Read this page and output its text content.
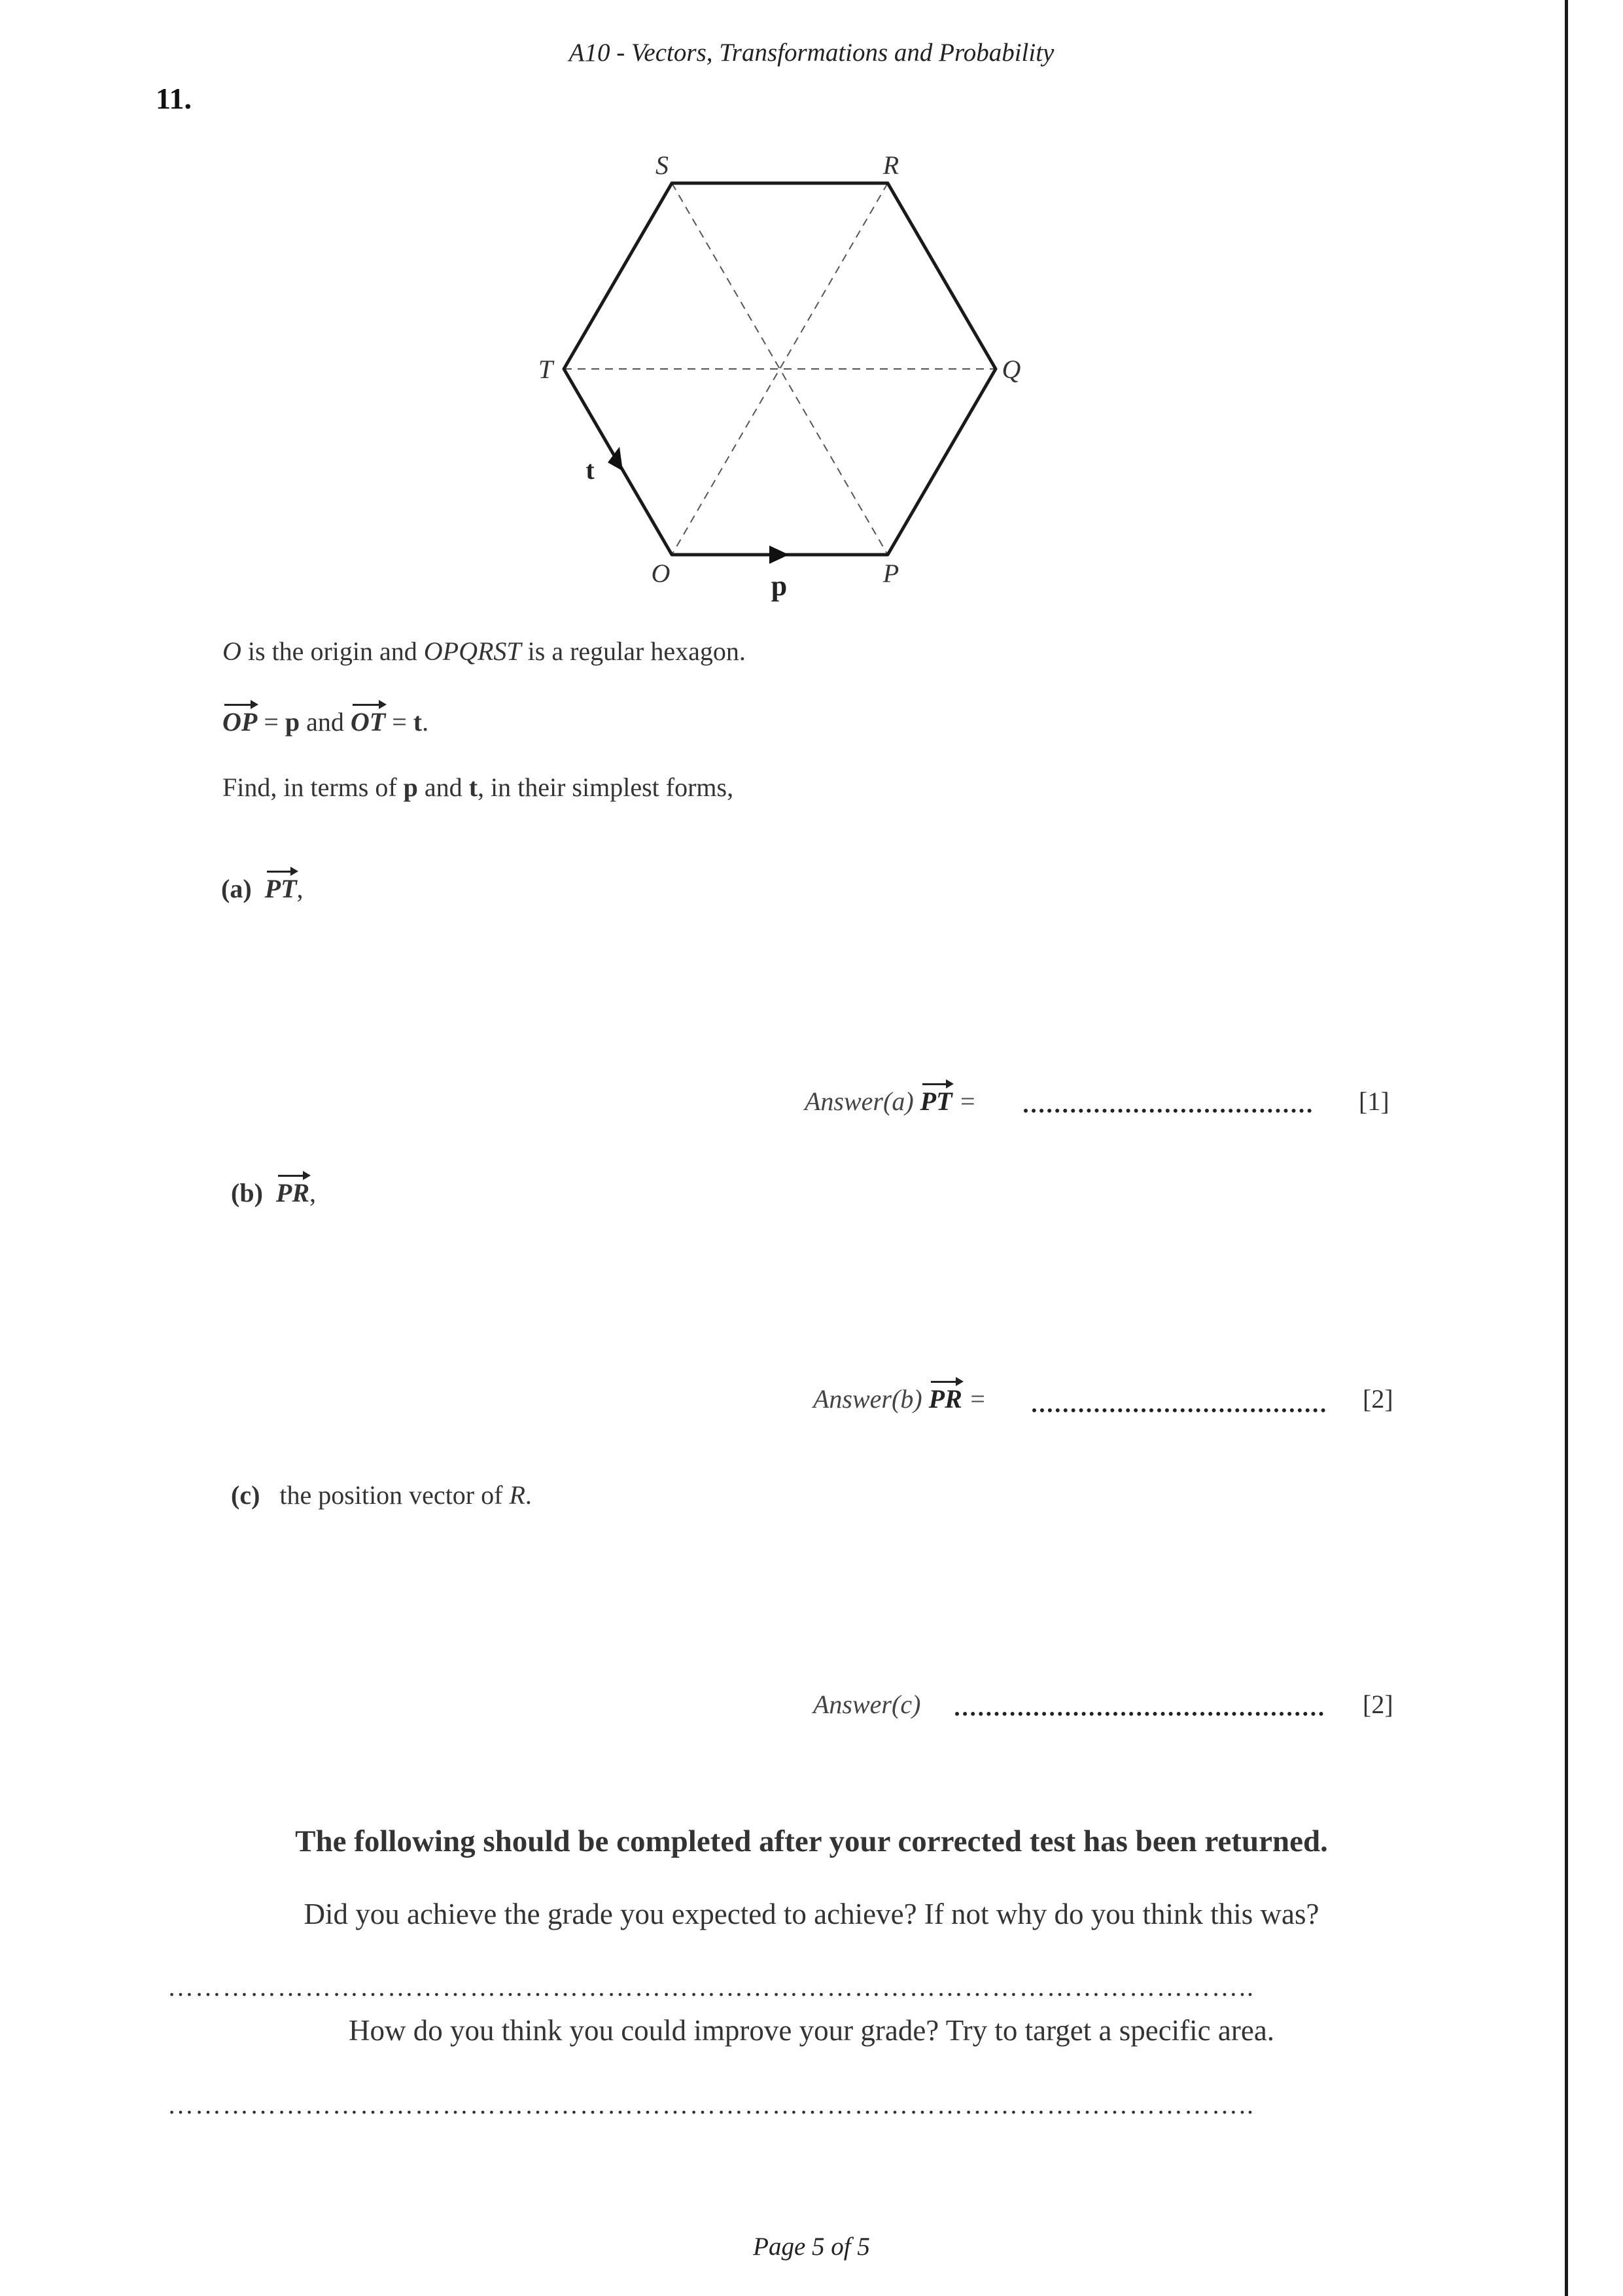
A10 - Vectors, Transformations and Probability
11.
S	R
T	Q
O	P
p
t
O is the origin and OPQRST is a regular hexagon.
OP = p and OT = t.
Find, in terms of p and t, in their simplest forms,
(a) PT,
Answer(a) PT =	[1]
(b) PR,
Answer(b) PR =	[2]
(c) the position vector of R.
Answer(c)	[2]
The following should be completed after your corrected test has been returned.
Did you achieve the grade you expected to achieve? If not why do you think this was?
………………………………………………………………………………………………………..
How do you think you could improve your grade? Try to target a specific area.
………………………………………………………………………………………………………..
Page 5 of 5
